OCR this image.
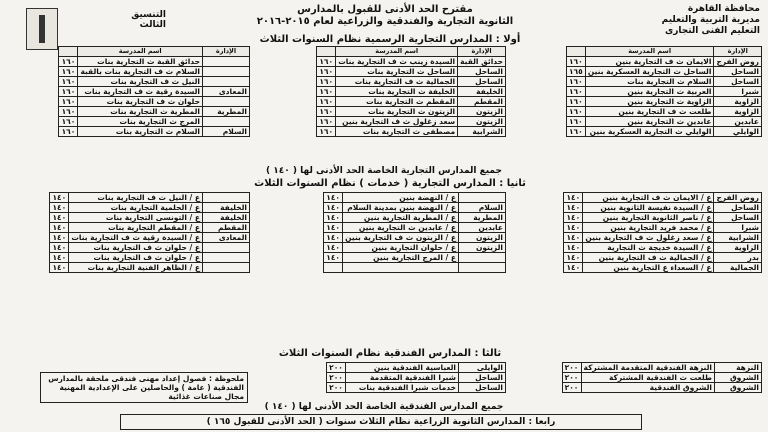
محافظة القاهرة
مديرية التربية والتعليم
التعليم الفنى التجارى
مقترح الحد الأدنى للقبول بالمدارس
الثانوية التجارية والفندقية والزراعية لعام ٢٠١٥-٢٠١٦
التنسيق الثالث
أولا : المدارس التجارية الرسمية نظام السنوات الثلاث
الإدارة	اسم المدرسة	
روض الفرج	الايمان ث ف التجارية بنين	١٦٠
الساحل	الساحل ث التجارية العسكرية بنين	١٦٥
الساحل	السلام ث التجارية بنات	١٦٠
شبرا	العربية ث التجارية بنين	١٦٠
الزاوية	الزاوية ث التجارية بنين	١٦٠
الزاوية	طلعت ث ف التجارية بنين	١٦٠
عابدين	عابدين ث التجارية بنين	١٦٠
الوايلي	الوايلي ث التجارية العسكرية بنين	١٦٠
الإدارة	اسم المدرسة	
حدائق القبة	السيدة زينب ث ف التجارية بنات	١٦٠
الساحل	الساحل ث التجارية بنات	١٦٠
الساحل	الجمالية ث ف التجارية بنات	١٦٠
الخليفة	الخليفة ث التجارية بنات	١٦٠
المقطم	المقطم ث التجارية بنات	١٦٠
الزيتون	الزيتون ث التجارية بنات	١٦٠
الزيتون	سعد زغلول ث ف التجارية بنين	١٦٠
الشرابية	مصطفى ث التجارية بنات	١٦٠
الإدارة	اسم المدرسة	
	حدائق القبة ث التجارية بنات	١٦٠
	السلام ث ف التجارية بنات بالقبة	١٦٠
	النيل ث ف التجارية بنات	١٦٠
المعادى	السيدة رقية ث ف التجارية بنات	١٦٠
	حلوان ث ف التجارية بنات	١٦٠
المطرية	المطرية ث التجارية بنات	١٦٠
	المرج ث التجارية بنات	١٦٠
السلام	السلام ث التجارية بنات	١٦٠
جميع المدارس التجارية الخاصة الحد الأدنى لها ( ١٤٠ )
ثانيا : المدارس التجارية ( خدمات ) نظام السنوات الثلاث
روض الفرج	ع / الايمان ث ف التجارية بنين	١٤٠
الساحل	ع / السيدة نفيسة الثانوية بنين	١٤٠
الساحل	ع / ناصر الثانوية التجارية بنين	١٤٠
شبرا	ع / محمد فريد التجارية بنين	١٤٠
الشرابية	ع / سعد زغلول ث ف التجارية بنين	١٤٠
الزاوية	ع / السيدة خديجة ث التجارية	١٤٠
بدر	ع / الجمالية ث ف التجارية بنين	١٤٠
الجمالية	ع / السعداء ع التجارية بنين	١٤٠
	ع / النهضة بنين	١٤٠
السلام	ع / النهضة بنين بمدينة السلام	١٤٠
المطرية	ع / المطرية التجارية بنين	١٤٠
عابدين	ع / عابدين ث التجارية بنين	١٤٠
الزيتون	ع / الزيتون ث ف التجارية بنين	١٤٠
الزيتون	ع / حلوان التجارية بنين	١٤٠
	ع / المرج التجارية بنين	١٤٠

	ع / النيل ث ف التجارية بنات	١٤٠
الخليفة	ع / الحلمية التجارية بنات	١٤٠
الخليفة	ع / التونسى التجارية بنات	١٤٠
المقطم	ع / المقطم التجارية بنات	١٤٠
المعادى	ع / السيدة رقية ث ف التجارية بنات	١٤٠
	ع / حلوان ث ف التجارية بنات	١٤٠
	ع / حلوان ث ف التجارية بنات	١٤٠
	ع / الظاهر الفنية التجارية بنات	١٤٠
ثالثا : المدارس الفندقية نظام السنوات الثلاث
النزهة	النزهة الفندقية المتقدمة المشتركة	٢٠٠
الشروق	طلعت ث الفندقية المشتركة	٢٠٠
الشروق	الشروق الفندقية	٢٠٠
الوايلى	العباسية الفندقية بنين	٢٠٠
الساحل	شبرا الفندقية المتقدمة	٢٠٠
الساحل	خدمات شبرا الفندقية بنات	٢٠٠
ملحوظة : فصول إعداد مهنى فندقى ملحقة بالمدارس الفندقية ( عامة ) والحاصلين على الإعدادية المهنية مجال صناعات غذائية
جميع المدارس الفندقية الخاصة الحد الأدنى لها ( ١٤٠ )
رابعا : المدارس الثانوية الزراعية نظام الثلاث سنوات ( الحد الأدنى للقبول ١٦٥ )
